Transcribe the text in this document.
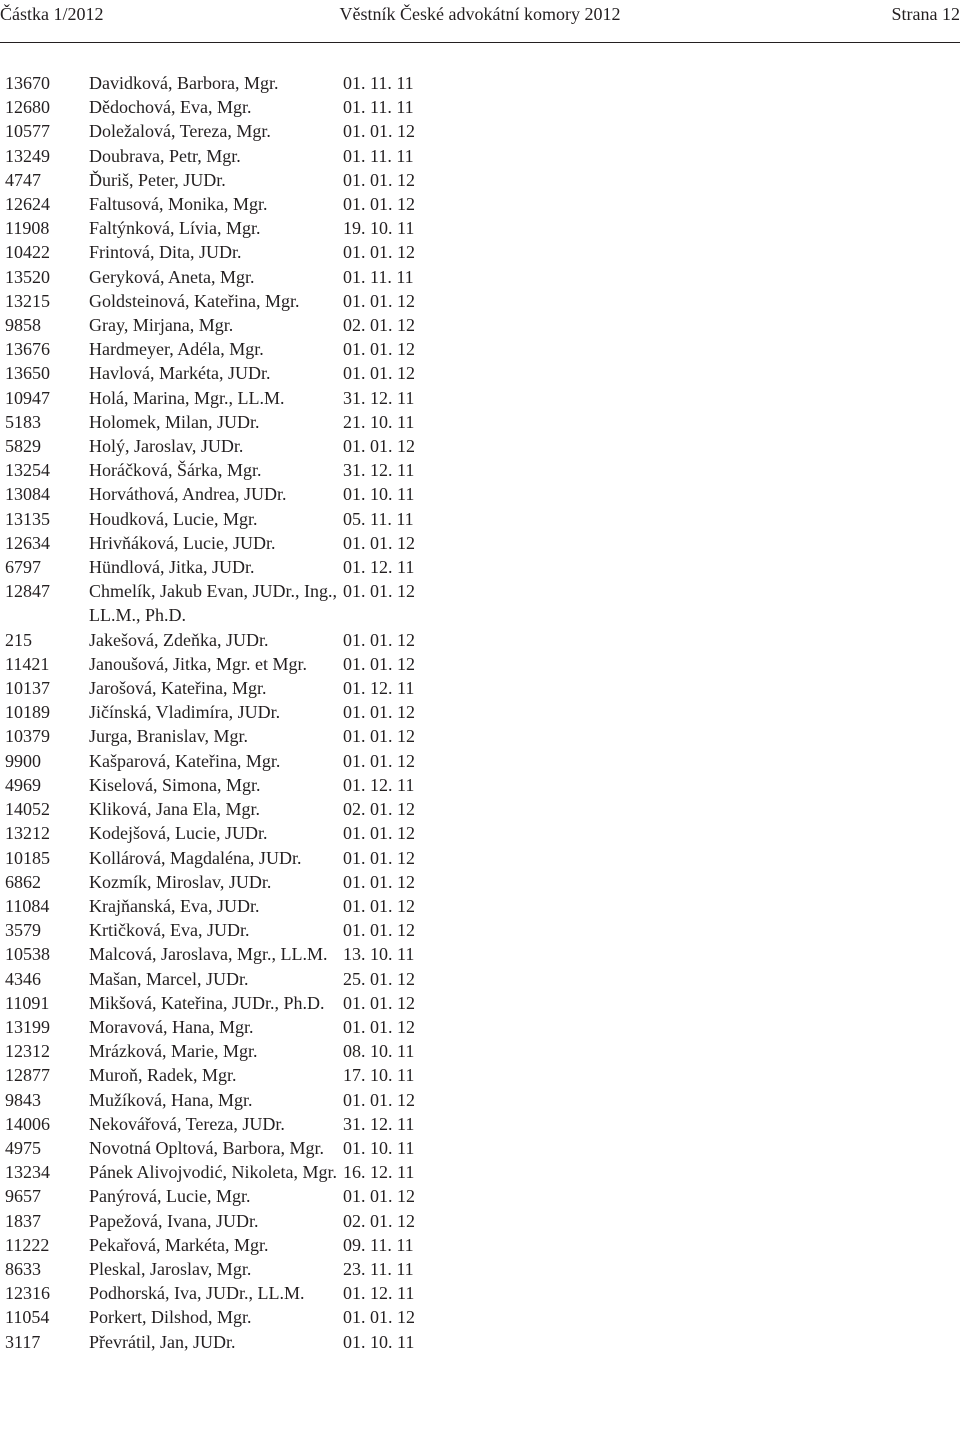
Částka 1/2012	Věstník České advokátní komory 2012	Strana 12
13670 Davidková, Barbora, Mgr.	01. 11. 11
12680 Dědochová, Eva, Mgr.	01. 11. 11
10577 Doležalová, Tereza, Mgr.	01. 01. 12
13249 Doubrava, Petr, Mgr.	01. 11. 11
4747	Ďuriš, Peter, JUDr.	01. 01. 12
12624 Faltusová, Monika, Mgr.	01. 01. 12
11908 Faltýnková, Lívia, Mgr.	19. 10. 11
10422 Frintová, Dita, JUDr.	01. 01. 12
13520 Geryková, Aneta, Mgr.	01. 11. 11
13215 Goldsteinová, Kateřina, Mgr.	01. 01. 12
9858	Gray, Mirjana, Mgr.	02. 01. 12
13676 Hardmeyer, Adéla, Mgr.	01. 01. 12
13650 Havlová, Markéta, JUDr.	01. 01. 12
10947 Holá, Marina, Mgr., LL.M.	31. 12. 11
5183	Holomek, Milan, JUDr.	21. 10. 11
5829	Holý, Jaroslav, JUDr.	01. 01. 12
13254 Horáčková, Šárka, Mgr.	31. 12. 11
13084 Horváthová, Andrea, JUDr.	01. 10. 11
13135 Houdková, Lucie, Mgr.	05. 11. 11
12634 Hrivňáková, Lucie, JUDr.	01. 01. 12
6797	Hündlová, Jitka, JUDr.	01. 12. 11
12847 Chmelík, Jakub Evan, JUDr., Ing., LL.M., Ph.D.
01. 01. 12
215	Jakešová, Zdeňka, JUDr.	01. 01. 12
11421 Janoušová, Jitka, Mgr. et Mgr.	01. 01. 12
10137 Jarošová, Kateřina, Mgr.	01. 12. 11
10189 Jičínská, Vladimíra, JUDr.	01. 01. 12
10379 Jurga, Branislav, Mgr.	01. 01. 12
9900	Kašparová, Kateřina, Mgr.	01. 01. 12
4969	Kiselová, Simona, Mgr.	01. 12. 11
14052 Kliková, Jana Ela, Mgr.	02. 01. 12
13212 Kodejšová, Lucie, JUDr.	01. 01. 12
10185 Kollárová, Magdaléna, JUDr.	01. 01. 12
6862	Kozmík, Miroslav, JUDr.	01. 01. 12
11084 Krajňanská, Eva, JUDr.	01. 01. 12
3579	Krtičková, Eva, JUDr.	01. 01. 12
10538 Malcová, Jaroslava, Mgr., LL.M. 13. 10. 11
4346	Mašan, Marcel, JUDr.	25. 01. 12
11091 Mikšová, Kateřina, JUDr., Ph.D.	01. 01. 12
13199 Moravová, Hana, Mgr.	01. 01. 12
12312 Mrázková, Marie, Mgr.	08. 10. 11
12877 Muroň, Radek, Mgr.	17. 10. 11
9843	Mužíková, Hana, Mgr.	01. 01. 12
14006 Nekovářová, Tereza, JUDr.	31. 12. 11
4975	Novotná Opltová, Barbora, Mgr.	01. 10. 11
13234 Pánek Alivojvodić, Nikoleta, Mgr. 16. 12. 11
9657	Panýrová, Lucie, Mgr.	01. 01. 12
1837	Papežová, Ivana, JUDr.	02. 01. 12
11222 Pekařová, Markéta, Mgr.	09. 11. 11
8633	Pleskal, Jaroslav, Mgr.	23. 11. 11
12316 Podhorská, Iva, JUDr., LL.M.	01. 12. 11
11054 Porkert, Dilshod, Mgr.	01. 01. 12
3117	Převrátil, Jan, JUDr.	01. 10. 11
